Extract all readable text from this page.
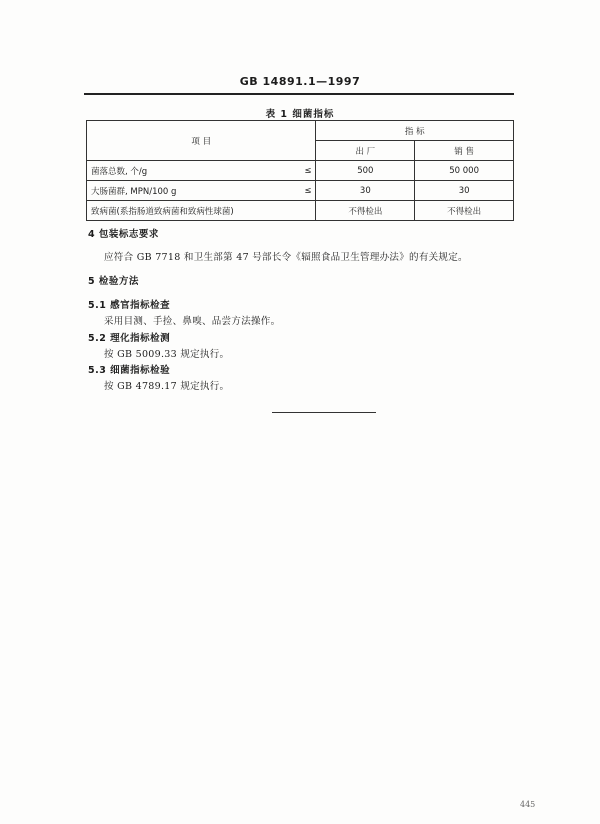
GB 14891.1—1997
表 1 细菌指标
项 目	指 标	
	出 厂	销 售

菌落总数, 个/g ≤	500	50 000

大肠菌群, MPN/100 g ≤	30	30

致病菌(系指肠道致病菌和致病性球菌)	不得检出	不得检出
4 包装标志要求
应符合 GB 7718 和卫生部第 47 号部长令《辐照食品卫生管理办法》的有关规定。
5 检验方法
5.1 感官指标检查
采用目测、手捡、鼻嗅、品尝方法操作。
5.2 理化指标检测
按 GB 5009.33 规定执行。
5.3 细菌指标检验
按 GB 4789.17 规定执行。
445
